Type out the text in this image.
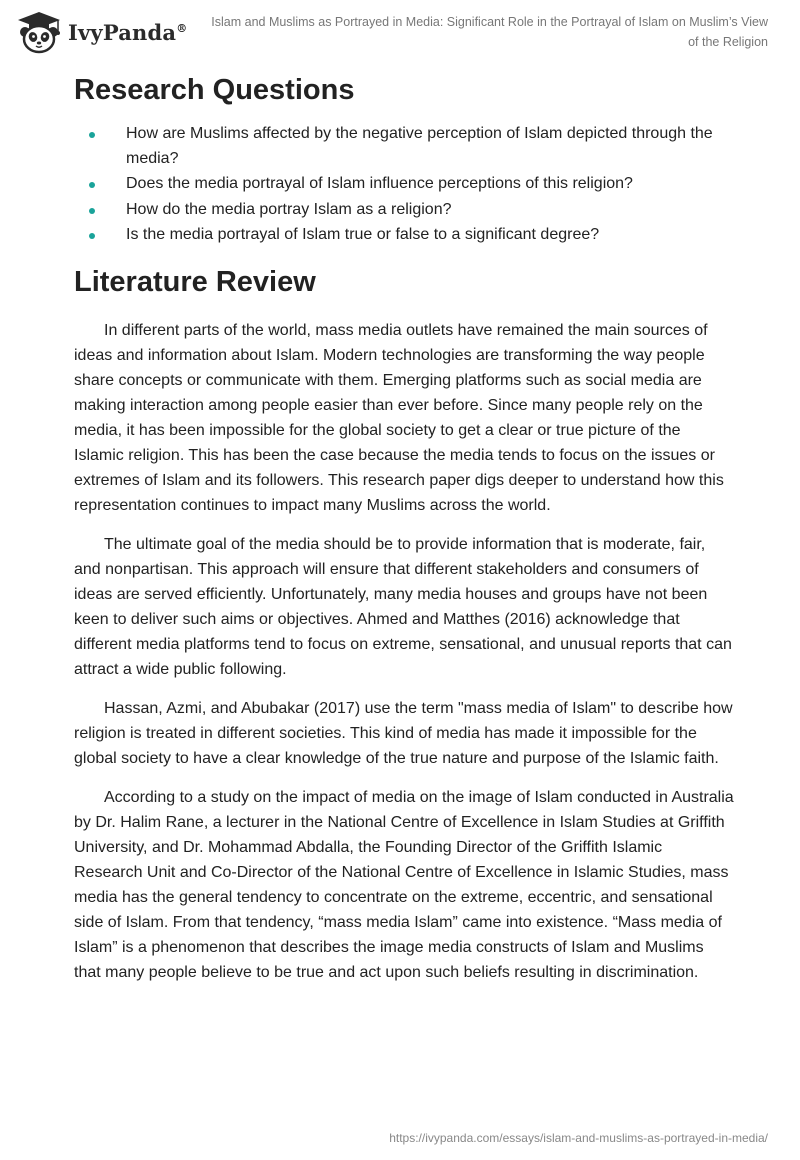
IvyPanda®	Islam and Muslims as Portrayed in Media: Significant Role in the Portrayal of Islam on Muslim’s View of the Religion
Research Questions
How are Muslims affected by the negative perception of Islam depicted through the media?
Does the media portrayal of Islam influence perceptions of this religion?
How do the media portray Islam as a religion?
Is the media portrayal of Islam true or false to a significant degree?
Literature Review

In different parts of the world, mass media outlets have remained the main sources of ideas and information about Islam. Modern technologies are transforming the way people share concepts or communicate with them. Emerging platforms such as social media are making interaction among people easier than ever before. Since many people rely on the media, it has been impossible for the global society to get a clear or true picture of the Islamic religion. This has been the case because the media tends to focus on the issues or extremes of Islam and its followers. This research paper digs deeper to understand how this representation continues to impact many Muslims across the world.

The ultimate goal of the media should be to provide information that is moderate, fair, and nonpartisan. This approach will ensure that different stakeholders and consumers of ideas are served efficiently. Unfortunately, many media houses and groups have not been keen to deliver such aims or objectives. Ahmed and Matthes (2016) acknowledge that different media platforms tend to focus on extreme, sensational, and unusual reports that can attract a wide public following.

Hassan, Azmi, and Abubakar (2017) use the term "mass media of Islam" to describe how religion is treated in different societies. This kind of media has made it impossible for the global society to have a clear knowledge of the true nature and purpose of the Islamic faith.

According to a study on the impact of media on the image of Islam conducted in Australia by Dr. Halim Rane, a lecturer in the National Centre of Excellence in Islam Studies at Griffith University, and Dr. Mohammad Abdalla, the Founding Director of the Griffith Islamic Research Unit and Co-Director of the National Centre of Excellence in Islamic Studies, mass media has the general tendency to concentrate on the extreme, eccentric, and sensational side of Islam. From that tendency, “mass media Islam” came into existence. “Mass media of Islam” is a phenomenon that describes the image media constructs of Islam and Muslims that many people believe to be true and act upon such beliefs resulting in discrimination.

https://ivypanda.com/essays/islam-and-muslims-as-portrayed-in-media/
